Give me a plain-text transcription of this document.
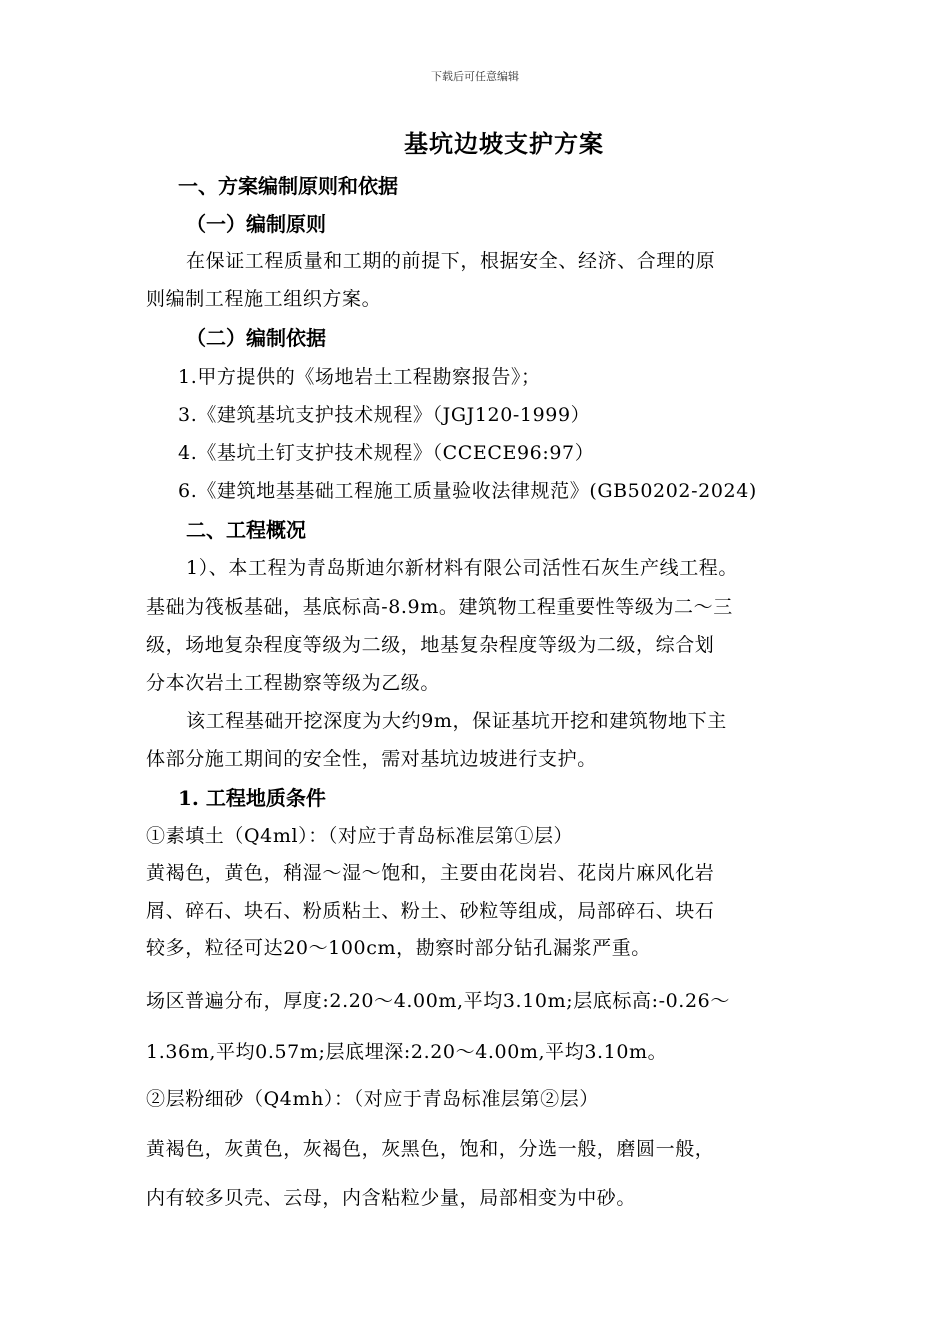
下载后可任意编辑
基坑边坡支护方案
一、方案编制原则和依据
（一）编制原则
在保证工程质量和工期的前提下，根据安全、经济、合理的原
则编制工程施工组织方案。
（二）编制依据
1.甲方提供的《场地岩土工程勘察报告》；
3.《建筑基坑支护技术规程》（JGJ120-1999）
4.《基坑土钉支护技术规程》（CCECE96:97）
6.《建筑地基基础工程施工质量验收法律规范》(GB50202-2024)
二、工程概况
1）、本工程为青岛斯迪尔新材料有限公司活性石灰生产线工程。
基础为筏板基础，基底标高-8.9m。建筑物工程重要性等级为二～三
级，场地复杂程度等级为二级，地基复杂程度等级为二级，综合划
分本次岩土工程勘察等级为乙级。
该工程基础开挖深度为大约9m，保证基坑开挖和建筑物地下主
体部分施工期间的安全性，需对基坑边坡进行支护。
1. 工程地质条件
①素填土（Q4ml）：（对应于青岛标准层第①层）
黄褐色，黄色，稍湿～湿～饱和，主要由花岗岩、花岗片麻风化岩
屑、碎石、块石、粉质粘土、粉土、砂粒等组成，局部碎石、块石
较多，粒径可达20～100cm，勘察时部分钻孔漏浆严重。
场区普遍分布，厚度:2.20～4.00m,平均3.10m;层底标高:-0.26～
1.36m,平均0.57m;层底埋深:2.20～4.00m,平均3.10m。
②层粉细砂（Q4mh）：（对应于青岛标准层第②层）
黄褐色，灰黄色，灰褐色，灰黑色，饱和，分选一般，磨圆一般，
内有较多贝壳、云母，内含粘粒少量，局部相变为中砂。
